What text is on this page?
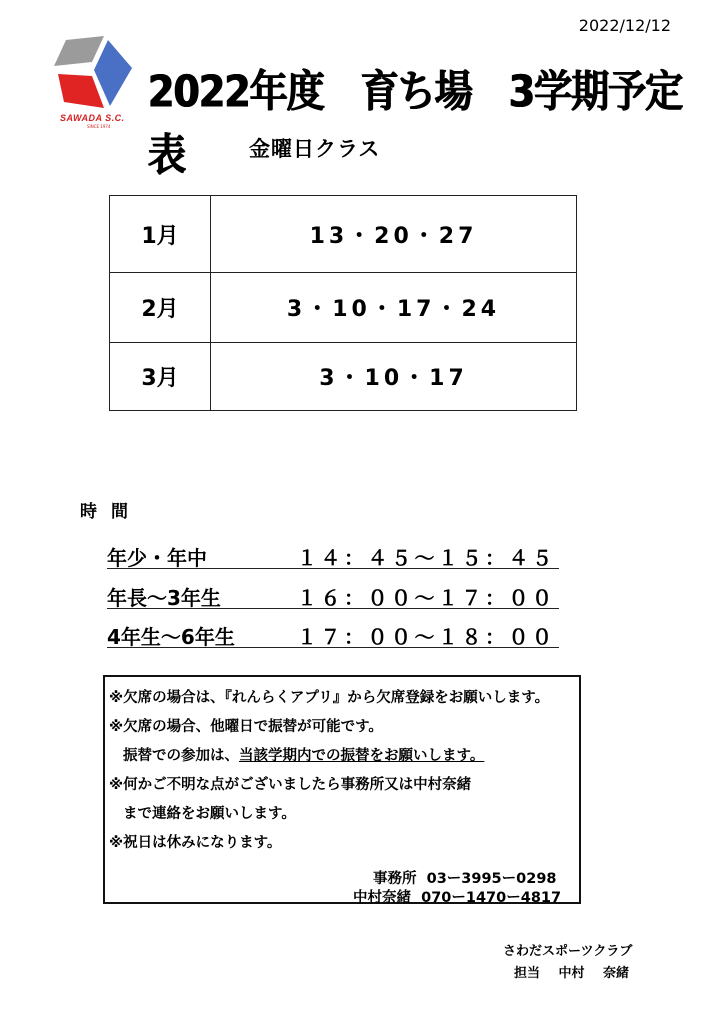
2022/12/12
SAWADA S.C.
SINCE 1974
2022年度　育ち場　3学期予定表	金曜日クラス
1月	13・20・27
2月	3・10・17・24
3月	3・10・17
時間
年少・年中	１４：４５～１５：４５
年長～3年生	１６：００～１７：００
4年生～6年生	１７：００～１８：００
※欠席の場合は、『れんらくアプリ』から欠席登録をお願いします。
※欠席の場合、他曜日で振替が可能です。
振替での参加は、当該学期内での振替をお願いします。
※何かご不明な点がございましたら事務所又は中村奈緒
まで連絡をお願いします。
※祝日は休みになります。
事務所 03ー3995ー0298
中村奈緒 070ー1470ー4817
さわだスポーツクラブ
担当 中村 奈緒
